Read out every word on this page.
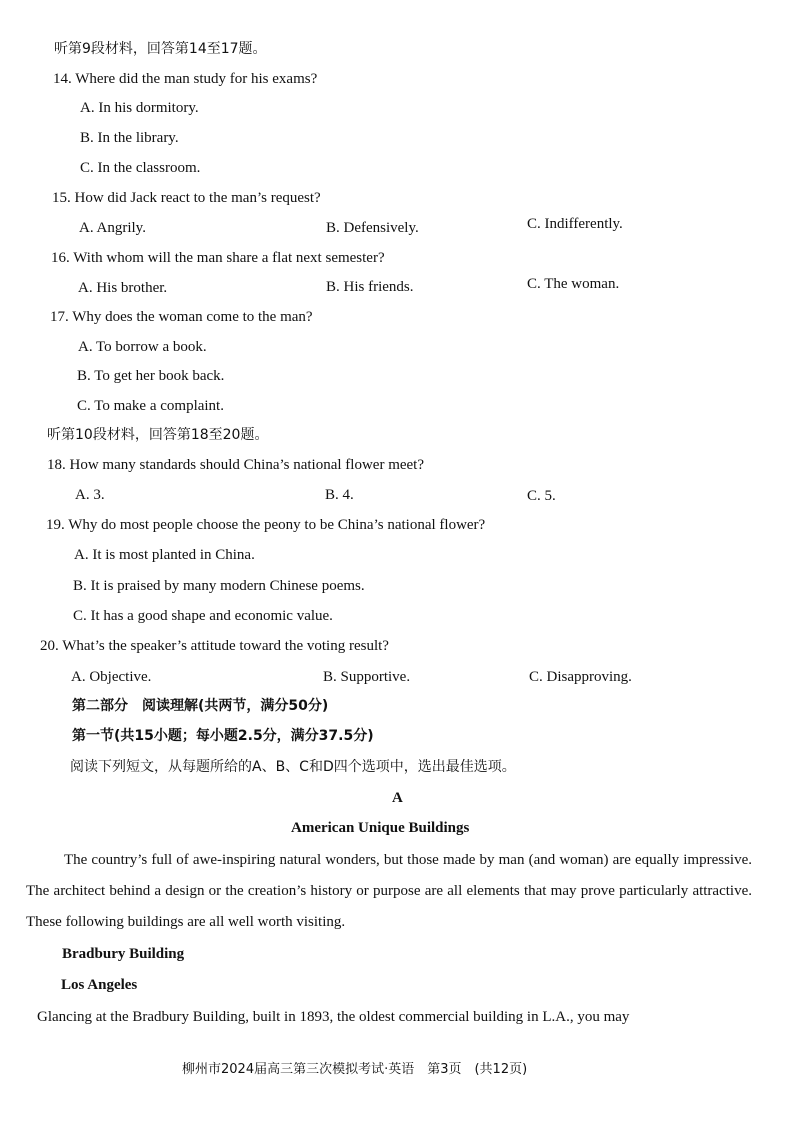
听第9段材料，回答第14至17题。
14. Where did the man study for his exams?
A. In his dormitory.
B. In the library.
C. In the classroom.
15. How did Jack react to the man’s request?
A. Angrily.	B. Defensively.	C. Indifferently.
16. With whom will the man share a flat next semester?
A. His brother.	B. His friends.	C. The woman.
17. Why does the woman come to the man?
A. To borrow a book.
B. To get her book back.
C. To make a complaint.
听第10段材料，回答第18至20题。
18. How many standards should China’s national flower meet?
A. 3.	B. 4.	C. 5.
19. Why do most people choose the peony to be China’s national flower?
A. It is most planted in China.
B. It is praised by many modern Chinese poems.
C. It has a good shape and economic value.
20. What’s the speaker’s attitude toward the voting result?
A. Objective.	B. Supportive.	C. Disapproving.
第二部分　阅读理解(共两节，满分50分)
第一节(共15小题；每小题2.5分，满分37.5分)
阅读下列短文，从每题所给的A、B、C和D四个选项中，选出最佳选项。
A
American Unique Buildings
The country’s full of awe-inspiring natural wonders, but those made by man (and woman) are equally impressive. The architect behind a design or the creation’s history or purpose are all elements that may prove particularly attractive. These following buildings are all well worth visiting.
Bradbury Building
Los Angeles
Glancing at the Bradbury Building, built in 1893, the oldest commercial building in L.A., you may
柳州市2024届高三第三次模拟考试·英语　第3页　(共12页)
